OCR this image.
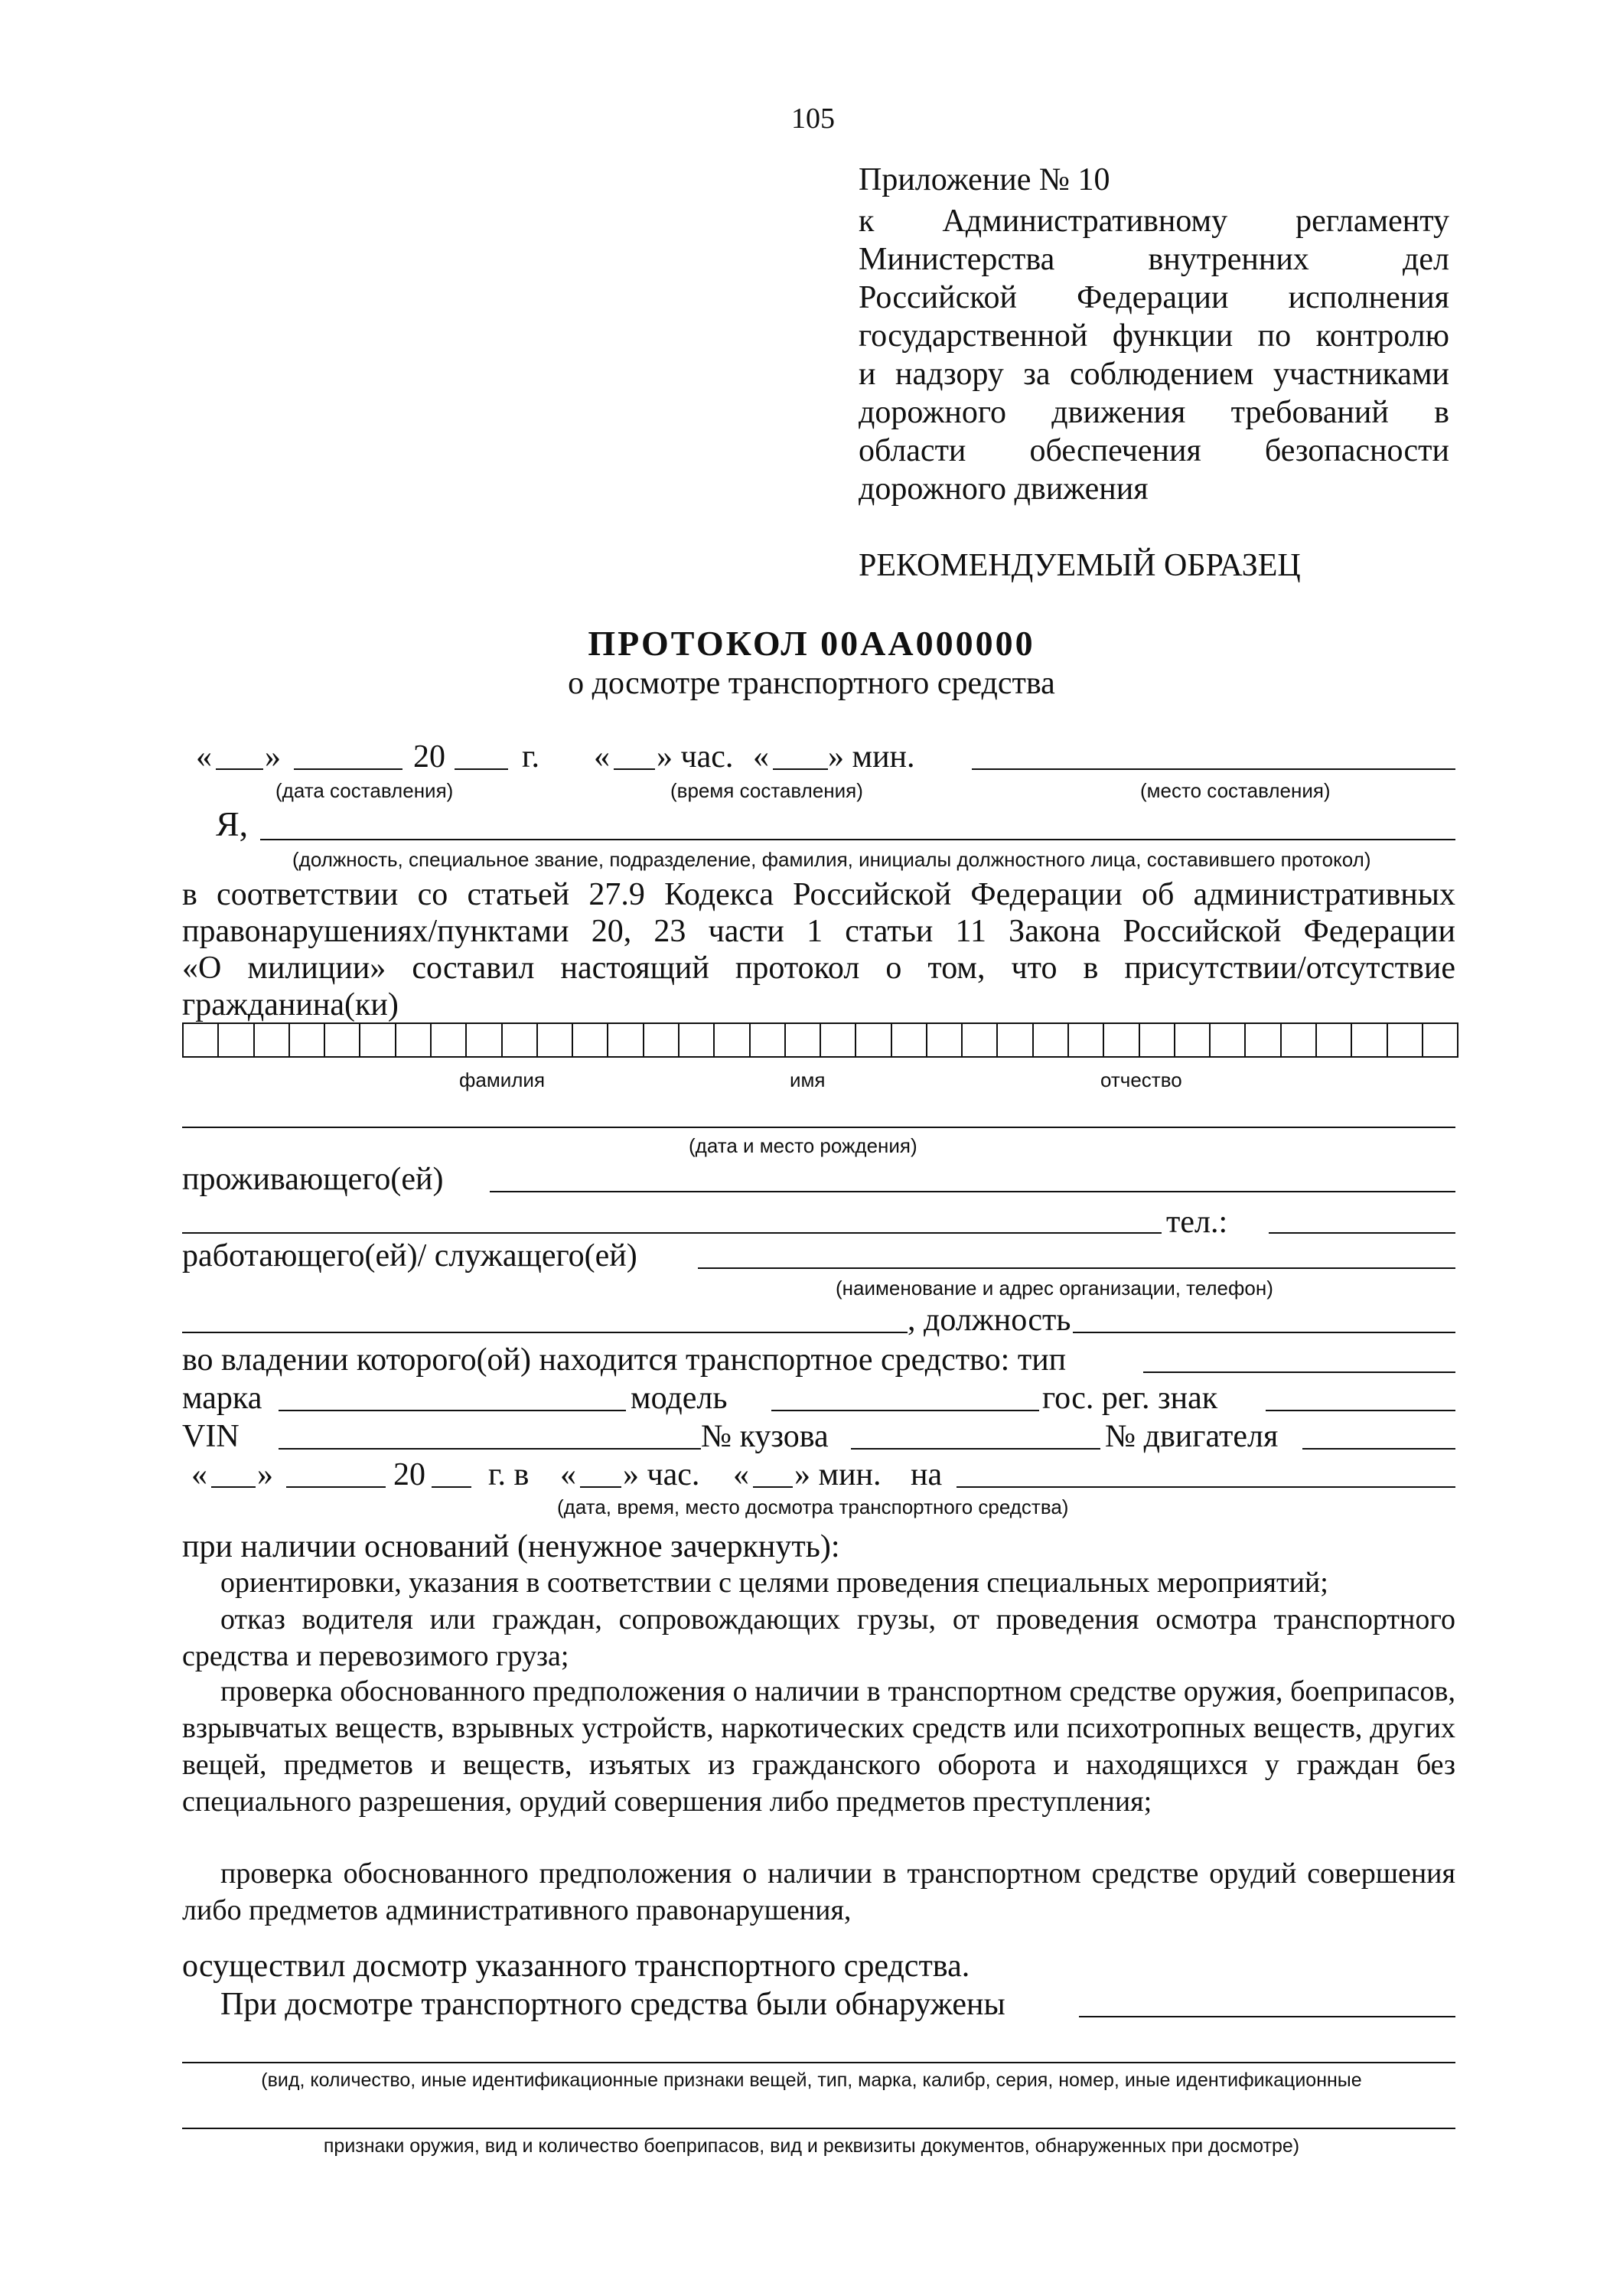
105
Приложение № 10
к Административному регламенту
Министерства внутренних дел
Российской Федерации исполнения
государственной функции по контролю
и надзору за соблюдением участниками
дорожного движения требований в
области обеспечения безопасности
дорожного движения
РЕКОМЕНДУЕМЫЙ ОБРАЗЕЦ
ПРОТОКОЛ 00АА000000
о досмотре транспортного средства
« »	20 г. « » час. « » мин.
(дата составления)	(время составления)	(место составления)
Я,
(должность, специальное звание, подразделение, фамилия, инициалы должностного лица, составившего протокол)
в соответствии со статьей 27.9 Кодекса Российской Федерации об административных
правонарушениях/пунктами 20, 23 части 1 статьи 11 Закона Российской Федерации
«О милиции» составил настоящий протокол о том, что в присутствии/отсутствие
гражданина(ки)
фамилия	имя	отчество
(дата и место рождения)
проживающего(ей)
тел.:
работающего(ей)/ служащего(ей)
(наименование и адрес организации, телефон)
, должность
во владении которого(ой) находится транспортное средство: тип
марка	модель	гос. рег. знак
VIN	№ кузова	№ двигателя
« »	20 г. в « » час. « » мин. на
(дата, время, место досмотра транспортного средства)
при наличии оснований (ненужное зачеркнуть):
ориентировки, указания в соответствии с целями проведения специальных мероприятий;
отказ водителя или граждан, сопровождающих грузы, от проведения осмотра транспортного средства и перевозимого груза;
проверка обоснованного предположения о наличии в транспортном средстве оружия, боеприпасов, взрывчатых веществ, взрывных устройств, наркотических средств или психотропных веществ, других вещей, предметов и веществ, изъятых из гражданского оборота и находящихся у граждан без специального разрешения, орудий совершения либо предметов преступления;
проверка обоснованного предположения о наличии в транспортном средстве орудий совершения либо предметов административного правонарушения,
осуществил досмотр указанного транспортного средства.
При досмотре транспортного средства были обнаружены
(вид, количество, иные идентификационные признаки вещей, тип, марка, калибр, серия, номер, иные идентификационные
признаки оружия, вид и количество боеприпасов, вид и реквизиты документов, обнаруженных при досмотре)
